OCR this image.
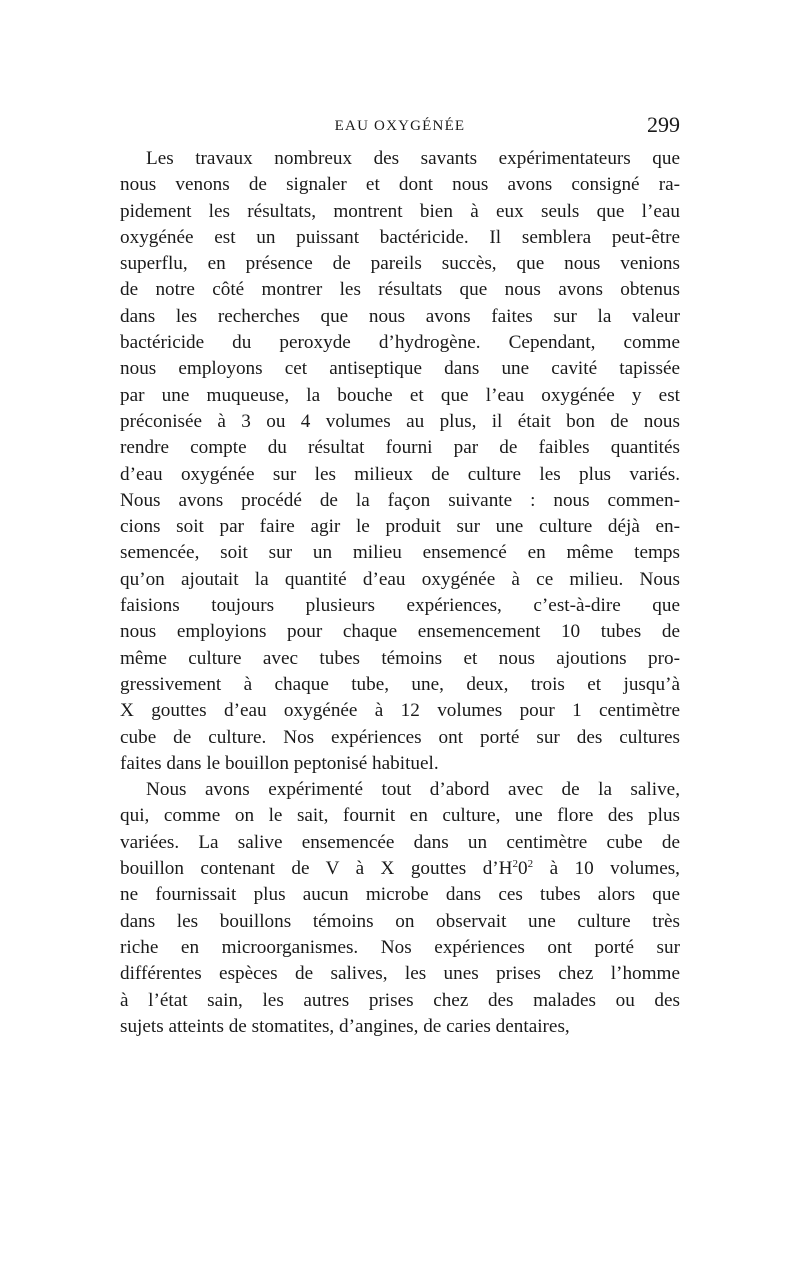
EAU OXYGÉNÉE	299

Les travaux nombreux des savants expérimentateurs que
nous venons de signaler et dont nous avons consigné ra-
pidement les résultats, montrent bien à eux seuls que l’eau
oxygénée est un puissant bactéricide. Il semblera peut-être
superflu, en présence de pareils succès, que nous venions
de notre côté montrer les résultats que nous avons obtenus
dans les recherches que nous avons faites sur la valeur
bactéricide du peroxyde d’hydrogène. Cependant, comme
nous employons cet antiseptique dans une cavité tapissée
par une muqueuse, la bouche et que l’eau oxygénée y est
préconisée à 3 ou 4 volumes au plus, il était bon de nous
rendre compte du résultat fourni par de faibles quantités
d’eau oxygénée sur les milieux de culture les plus variés.
Nous avons procédé de la façon suivante : nous commen-
cions soit par faire agir le produit sur une culture déjà en-
semencée, soit sur un milieu ensemencé en même temps
qu’on ajoutait la quantité d’eau oxygénée à ce milieu. Nous
faisions toujours plusieurs expériences, c’est-à-dire que
nous employions pour chaque ensemencement 10 tubes de
même culture avec tubes témoins et nous ajoutions pro-
gressivement à chaque tube, une, deux, trois et jusqu’à
X gouttes d’eau oxygénée à 12 volumes pour 1 centimètre
cube de culture. Nos expériences ont porté sur des cultures
faites dans le bouillon peptonisé habituel.

Nous avons expérimenté tout d’abord avec de la salive,
qui, comme on le sait, fournit en culture, une flore des plus
variées. La salive ensemencée dans un centimètre cube de
bouillon contenant de V à X gouttes $d’H^20^2$ à 10 volumes,
ne fournissait plus aucun microbe dans ces tubes alors que
dans les bouillons témoins on observait une culture très
riche en microorganismes. Nos expériences ont porté sur
différentes espèces de salives, les unes prises chez l’homme
à l’état sain, les autres prises chez des malades ou des
sujets atteints de stomatites, d’angines, de caries dentaires,
